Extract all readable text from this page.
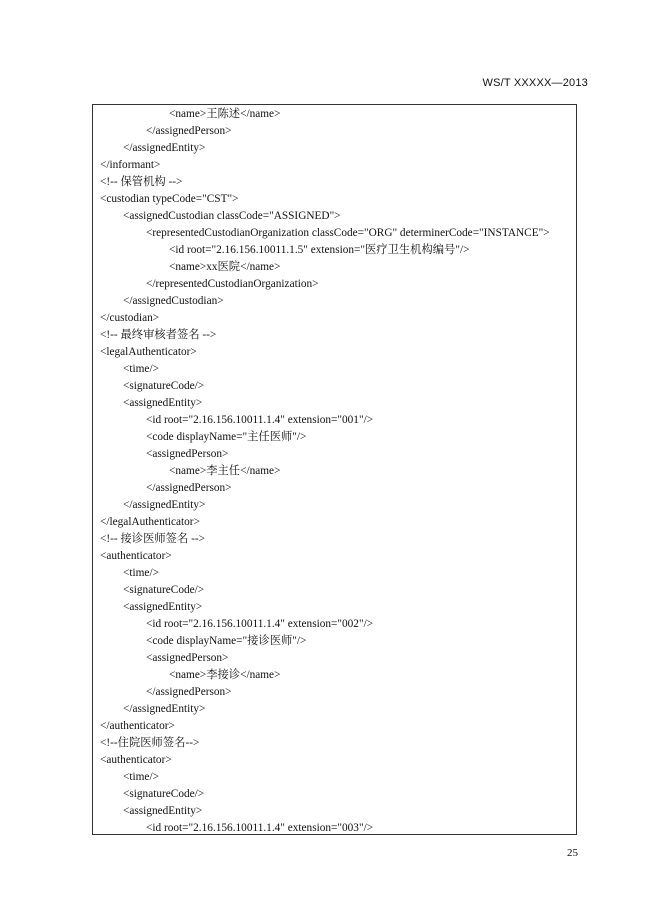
WS/T XXXXX—2013
<name>王陈述</name>
</assignedPerson>
</assignedEntity>
</informant>
<!-- 保管机构 -->
<custodian typeCode="CST">
<assignedCustodian classCode="ASSIGNED">
<representedCustodianOrganization classCode="ORG" determinerCode="INSTANCE">
<id root="2.16.156.10011.1.5" extension="医疗卫生机构编号"/>
<name>xx医院</name>
</representedCustodianOrganization>
</assignedCustodian>
</custodian>
<!-- 最终审核者签名 -->
<legalAuthenticator>
<time/>
<signatureCode/>
<assignedEntity>
<id root="2.16.156.10011.1.4" extension="001"/>
<code displayName="主任医师"/>
<assignedPerson>
<name>李主任</name>
</assignedPerson>
</assignedEntity>
</legalAuthenticator>
<!-- 接诊医师签名 -->
<authenticator>
<time/>
<signatureCode/>
<assignedEntity>
<id root="2.16.156.10011.1.4" extension="002"/>
<code displayName="接诊医师"/>
<assignedPerson>
<name>李接诊</name>
</assignedPerson>
</assignedEntity>
</authenticator>
<!--住院医师签名-->
<authenticator>
<time/>
<signatureCode/>
<assignedEntity>
<id root="2.16.156.10011.1.4" extension="003"/>
25
